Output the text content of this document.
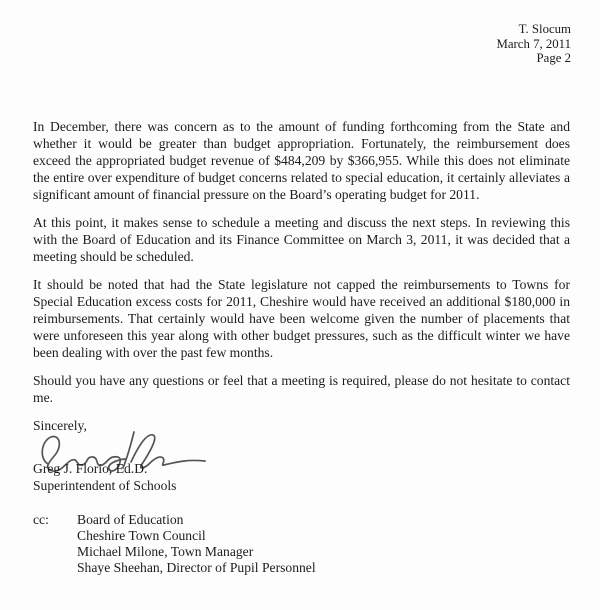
T. Slocum
March 7, 2011
Page 2

In December, there was concern as to the amount of funding forthcoming from the State and whether it would be greater than budget appropriation. Fortunately, the reimbursement does exceed the appropriated budget revenue of $484,209 by $366,955. While this does not eliminate the entire over expenditure of budget concerns related to special education, it certainly alleviates a significant amount of financial pressure on the Board’s operating budget for 2011.

At this point, it makes sense to schedule a meeting and discuss the next steps. In reviewing this with the Board of Education and its Finance Committee on March 3, 2011, it was decided that a meeting should be scheduled.

It should be noted that had the State legislature not capped the reimbursements to Towns for Special Education excess costs for 2011, Cheshire would have received an additional $180,000 in reimbursements. That certainly would have been welcome given the number of placements that were unforeseen this year along with other budget pressures, such as the difficult winter we have been dealing with over the past few months.

Should you have any questions or feel that a meeting is required, please do not hesitate to contact me.

Sincerely,
Greg J. Florio, Ed.D.
Superintendent of Schools
cc:	Board of Education
Cheshire Town Council
Michael Milone, Town Manager
Shaye Sheehan, Director of Pupil Personnel
